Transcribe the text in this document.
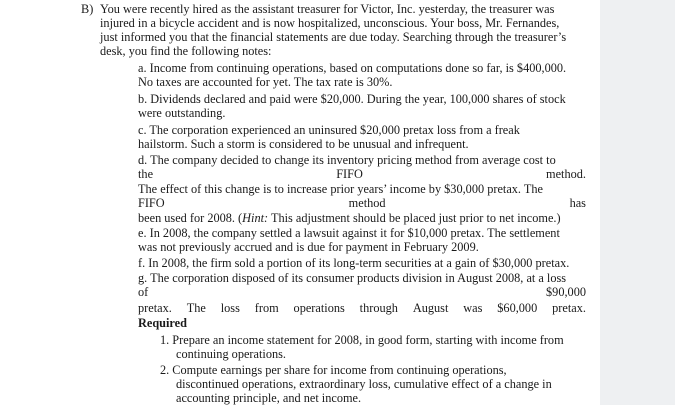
B) You were recently hired as the assistant treasurer for Victor, Inc. yesterday, the treasurer was
injured in a bicycle accident and is now hospitalized, unconscious. Your boss, Mr. Fernandes,
just informed you that the financial statements are due today. Searching through the treasurer’s
desk, you find the following notes:
a. Income from continuing operations, based on computations done so far, is $400,000.
No taxes are accounted for yet. The tax rate is 30%.
b. Dividends declared and paid were $20,000. During the year, 100,000 shares of stock
were outstanding.
c. The corporation experienced an uninsured $20,000 pretax loss from a freak
hailstorm. Such a storm is considered to be unusual and infrequent.
d. The company decided to change its inventory pricing method from average cost to
the	FIFO	method.
The effect of this change is to increase prior years’ income by $30,000 pretax. The
FIFO	method	has
been used for 2008. (Hint: This adjustment should be placed just prior to net income.)
e. In 2008, the company settled a lawsuit against it for $10,000 pretax. The settlement
was not previously accrued and is due for payment in February 2009.
f. In 2008, the firm sold a portion of its long-term securities at a gain of $30,000 pretax.
g. The corporation disposed of its consumer products division in August 2008, at a loss
of	$90,000
pretax. The loss from operations through August was $60,000 pretax.
Required
1. Prepare an income statement for 2008, in good form, starting with income from
continuing operations.
2. Compute earnings per share for income from continuing operations,
discontinued operations, extraordinary loss, cumulative effect of a change in
accounting principle, and net income.
